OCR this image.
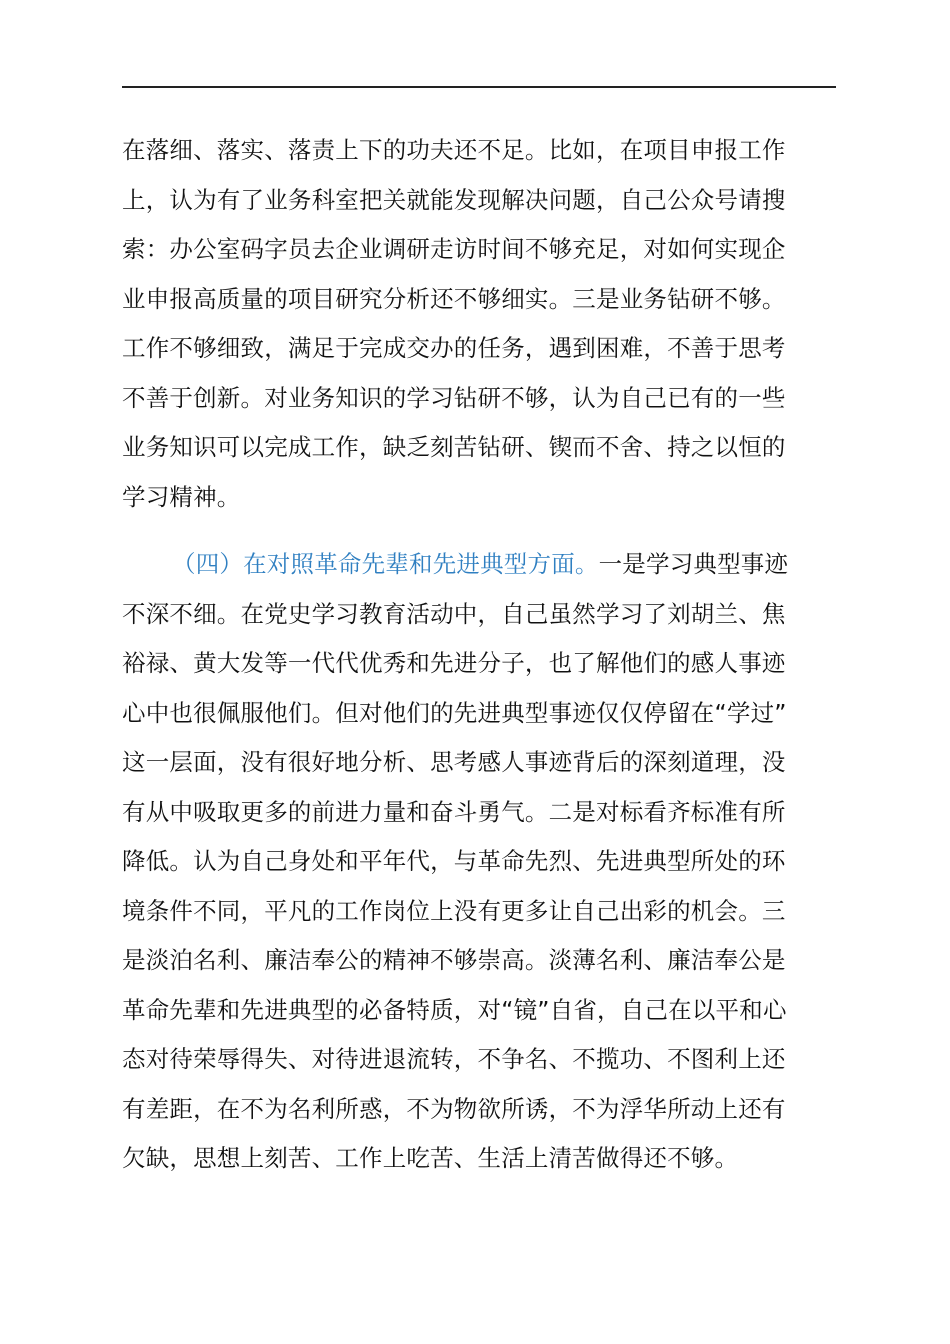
在落细、落实、落责上下的功夫还不足。比如，在项目申报工作
上，认为有了业务科室把关就能发现解决问题，自己公众号请搜
索：办公室码字员去企业调研走访时间不够充足，对如何实现企
业申报高质量的项目研究分析还不够细实。三是业务钻研不够。
工作不够细致，满足于完成交办的任务，遇到困难，不善于思考
不善于创新。对业务知识的学习钻研不够，认为自己已有的一些
业务知识可以完成工作，缺乏刻苦钻研、锲而不舍、持之以恒的
学习精神。
（四）在对照革命先辈和先进典型方面。一是学习典型事迹
不深不细。在党史学习教育活动中，自己虽然学习了刘胡兰、焦
裕禄、黄大发等一代代优秀和先进分子，也了解他们的感人事迹
心中也很佩服他们。但对他们的先进典型事迹仅仅停留在“学过”
这一层面，没有很好地分析、思考感人事迹背后的深刻道理，没
有从中吸取更多的前进力量和奋斗勇气。二是对标看齐标准有所
降低。认为自己身处和平年代，与革命先烈、先进典型所处的环
境条件不同，平凡的工作岗位上没有更多让自己出彩的机会。三
是淡泊名利、廉洁奉公的精神不够崇高。淡薄名利、廉洁奉公是
革命先辈和先进典型的必备特质，对“镜”自省，自己在以平和心
态对待荣辱得失、对待进退流转，不争名、不揽功、不图利上还
有差距，在不为名利所惑，不为物欲所诱，不为浮华所动上还有
欠缺，思想上刻苦、工作上吃苦、生活上清苦做得还不够。
